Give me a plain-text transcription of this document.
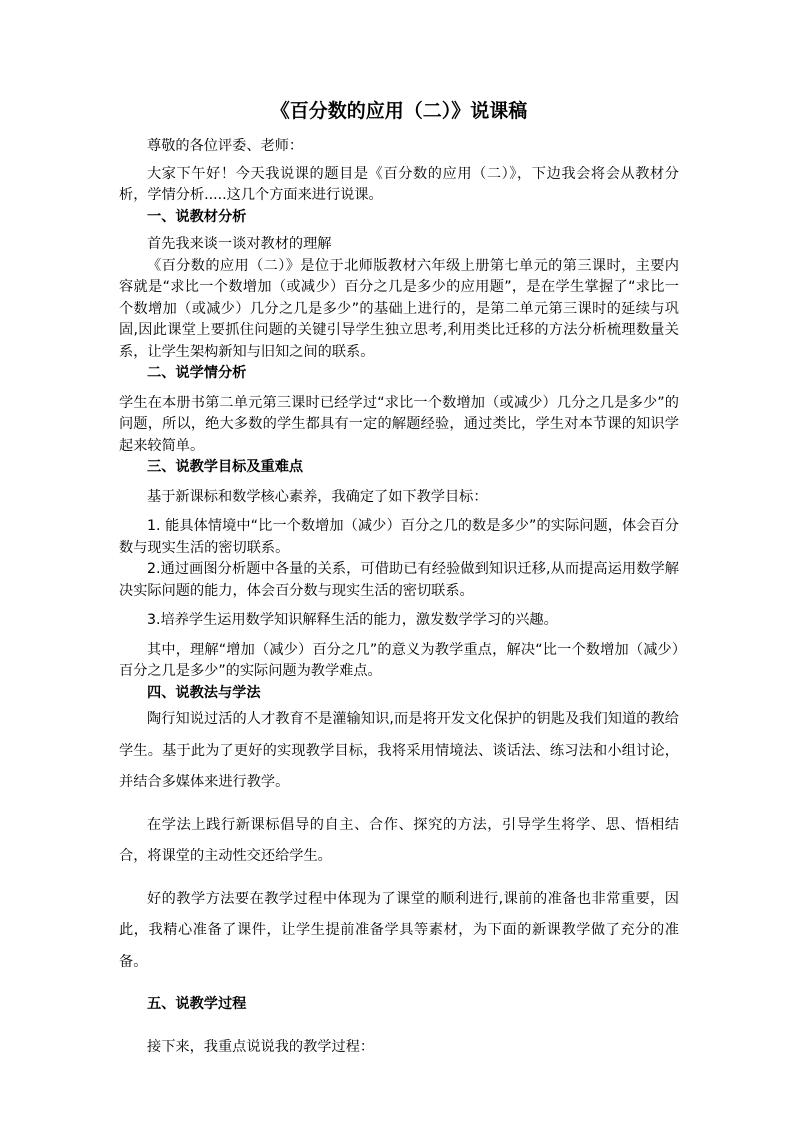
《百分数的应用（二）》说课稿

尊敬的各位评委、老师：

大家下午好！今天我说课的题目是《百分数的应用（二）》，下边我会将会从教材分析，学情分析.....这几个方面来进行说课。

一、说教材分析

首先我来谈一谈对教材的理解

《百分数的应用（二）》是位于北师版教材六年级上册第七单元的第三课时，主要内容就是“求比一个数增加（或减少）百分之几是多少的应用题”，是在学生掌握了“求比一个数增加（或减少）几分之几是多少”的基础上进行的，是第二单元第三课时的延续与巩固,因此课堂上要抓住问题的关键引导学生独立思考,利用类比迁移的方法分析梳理数量关系，让学生架构新知与旧知之间的联系。

二、说学情分析

学生在本册书第二单元第三课时已经学过“求比一个数增加（或减少）几分之几是多少”的问题，所以，绝大多数的学生都具有一定的解题经验，通过类比，学生对本节课的知识学起来较简单。

三、说教学目标及重难点

基于新课标和数学核心素养，我确定了如下教学目标：

1. 能具体情境中“比一个数增加（减少）百分之几的数是多少”的实际问题，体会百分数与现实生活的密切联系。

2.通过画图分析题中各量的关系，可借助已有经验做到知识迁移,从而提高运用数学解决实际问题的能力，体会百分数与现实生活的密切联系。

3.培养学生运用数学知识解释生活的能力，激发数学学习的兴趣。

其中，理解“增加（减少）百分之几”的意义为教学重点，解决“比一个数增加（减少）百分之几是多少”的实际问题为教学难点。

四、说教法与学法

陶行知说过活的人才教育不是灌输知识,而是将开发文化保护的钥匙及我们知道的教给学生。基于此为了更好的实现教学目标，我将采用情境法、谈话法、练习法和小组讨论，并结合多媒体来进行教学。

在学法上践行新课标倡导的自主、合作、探究的方法，引导学生将学、思、悟相结合，将课堂的主动性交还给学生。

好的教学方法要在教学过程中体现为了课堂的顺利进行,课前的准备也非常重要，因此，我精心准备了课件，让学生提前准备学具等素材，为下面的新课教学做了充分的准备。

五、说教学过程

接下来，我重点说说我的教学过程：
